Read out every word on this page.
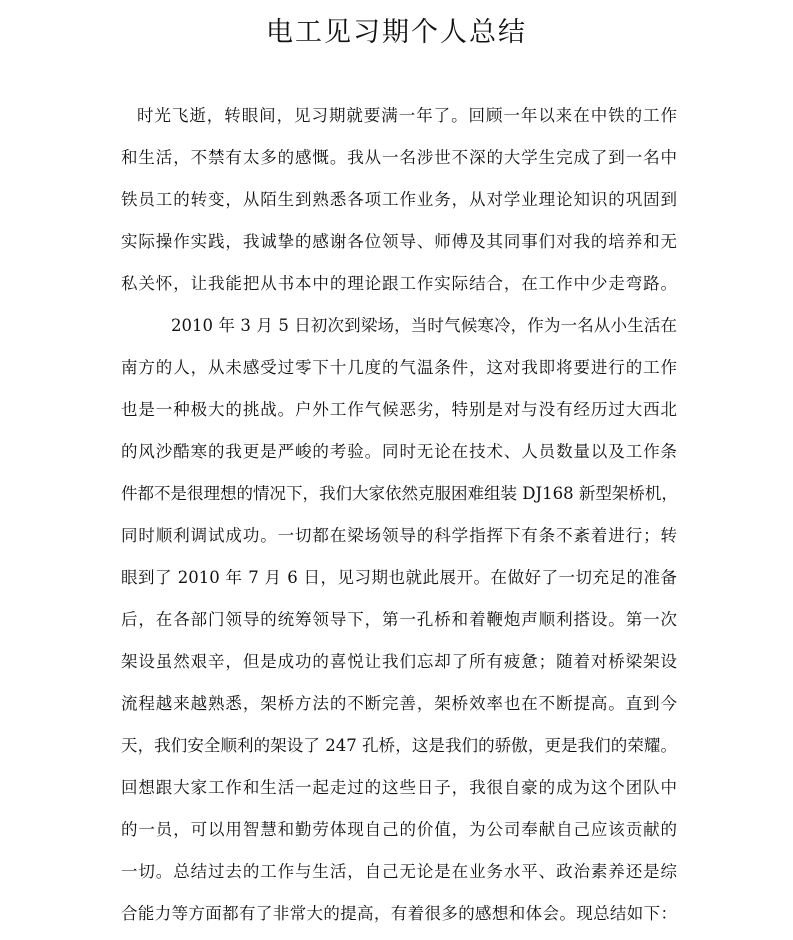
电工见习期个人总结
时光飞逝，转眼间，见习期就要满一年了。回顾一年以来在中铁的工作
和生活，不禁有太多的感慨。我从一名涉世不深的大学生完成了到一名中
铁员工的转变，从陌生到熟悉各项工作业务，从对学业理论知识的巩固到
实际操作实践，我诚挚的感谢各位领导、师傅及其同事们对我的培养和无
私关怀，让我能把从书本中的理论跟工作实际结合，在工作中少走弯路。
2010 年 3 月 5 日初次到梁场，当时气候寒冷，作为一名从小生活在
南方的人，从未感受过零下十几度的气温条件，这对我即将要进行的工作
也是一种极大的挑战。户外工作气候恶劣，特别是对与没有经历过大西北
的风沙酷寒的我更是严峻的考验。同时无论在技术、人员数量以及工作条
件都不是很理想的情况下，我们大家依然克服困难组装 DJ168 新型架桥机，
同时顺利调试成功。一切都在梁场领导的科学指挥下有条不紊着进行；转
眼到了 2010 年 7 月 6 日，见习期也就此展开。在做好了一切充足的准备
后，在各部门领导的统筹领导下，第一孔桥和着鞭炮声顺利搭设。第一次
架设虽然艰辛，但是成功的喜悦让我们忘却了所有疲惫；随着对桥梁架设
流程越来越熟悉，架桥方法的不断完善，架桥效率也在不断提高。直到今
天，我们安全顺利的架设了 247 孔桥，这是我们的骄傲，更是我们的荣耀。
回想跟大家工作和生活一起走过的这些日子，我很自豪的成为这个团队中
的一员，可以用智慧和勤劳体现自己的价值，为公司奉献自己应该贡献的
一切。总结过去的工作与生活，自己无论是在业务水平、政治素养还是综
合能力等方面都有了非常大的提高，有着很多的感想和体会。现总结如下：
